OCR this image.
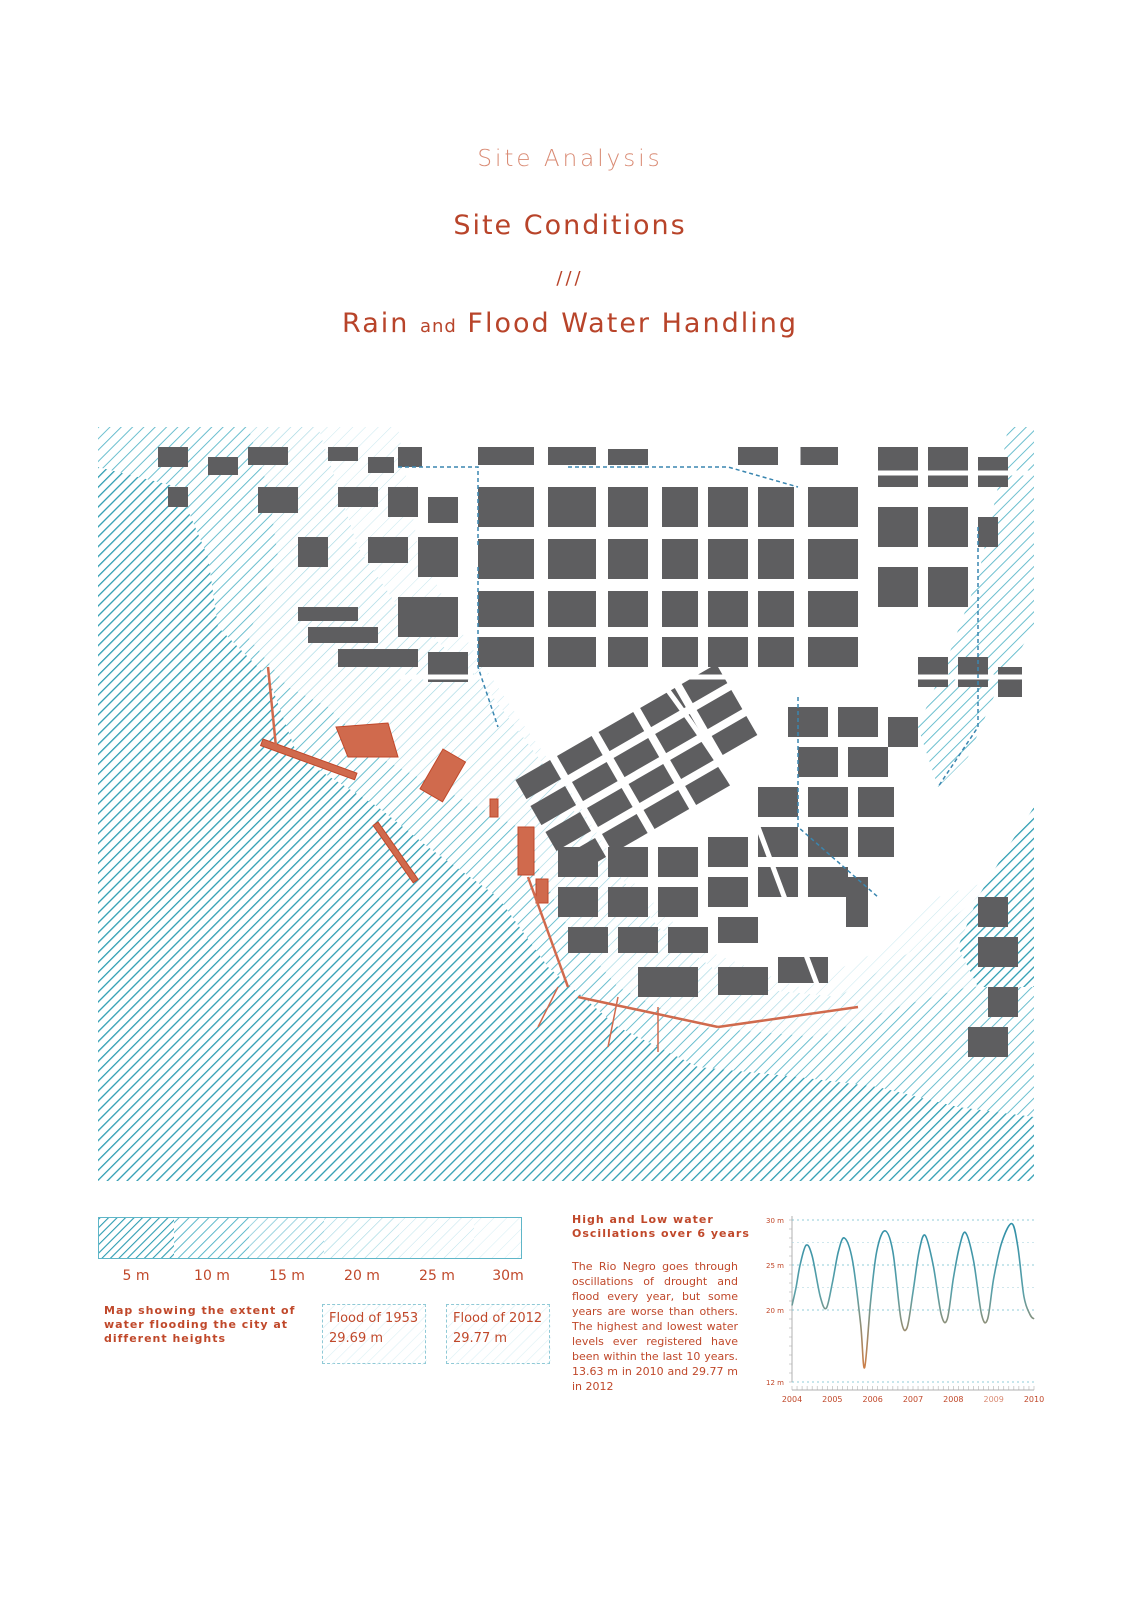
Site Analysis
Site Conditions
///
Rain and Flood Water Handling
5 m	10 m	15 m	20 m	25 m	30m
Map showing the extent of water flooding the city at different heights
Flood of 1953
29.69 m
Flood of 2012
29.77 m
High and Low water Oscillations over 6 years
The Rio Negro goes through oscillations of drought and flood every year, but some years are worse than others. The highest and lowest water levels ever registered have been within the last 10 years. 13.63 m in 2010 and 29.77 m in 2012
30 m
25 m
20 m
12 m
2004 2005 2006 2007 2008 2009 2010
